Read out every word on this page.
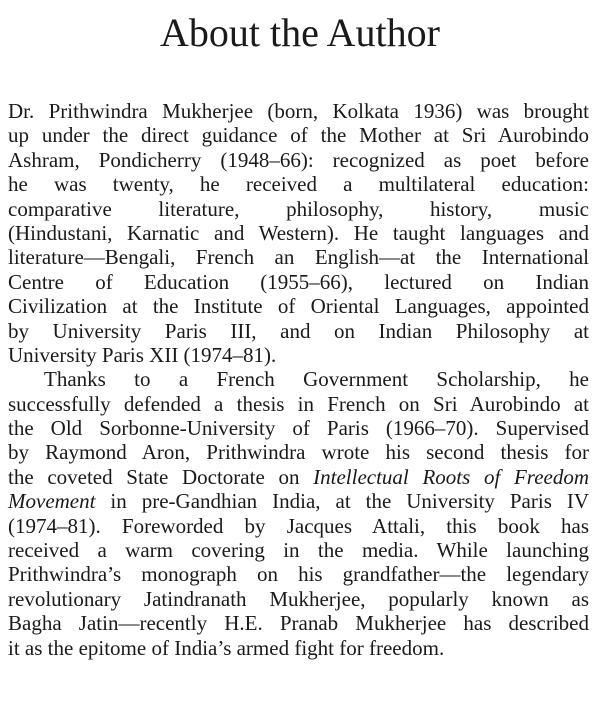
About the Author
Dr. Prithwindra Mukherjee (born, Kolkata 1936) was brought
up under the direct guidance of the Mother at Sri Aurobindo
Ashram, Pondicherry (1948–66): recognized as poet before
he was twenty, he received a multilateral education:
comparative literature, philosophy, history, music
(Hindustani, Karnatic and Western). He taught languages and
literature—Bengali, French an English—at the International
Centre of Education (1955–66), lectured on Indian
Civilization at the Institute of Oriental Languages, appointed
by University Paris III, and on Indian Philosophy at
University Paris XII (1974–81).
Thanks to a French Government Scholarship, he
successfully defended a thesis in French on Sri Aurobindo at
the Old Sorbonne-University of Paris (1966–70). Supervised
by Raymond Aron, Prithwindra wrote his second thesis for
the coveted State Doctorate on Intellectual Roots of Freedom
Movement in pre-Gandhian India, at the University Paris IV
(1974–81). Foreworded by Jacques Attali, this book has
received a warm covering in the media. While launching
Prithwindra’s monograph on his grandfather—the legendary
revolutionary Jatindranath Mukherjee, popularly known as
Bagha Jatin—recently H.E. Pranab Mukherjee has described
it as the epitome of India’s armed fight for freedom.
